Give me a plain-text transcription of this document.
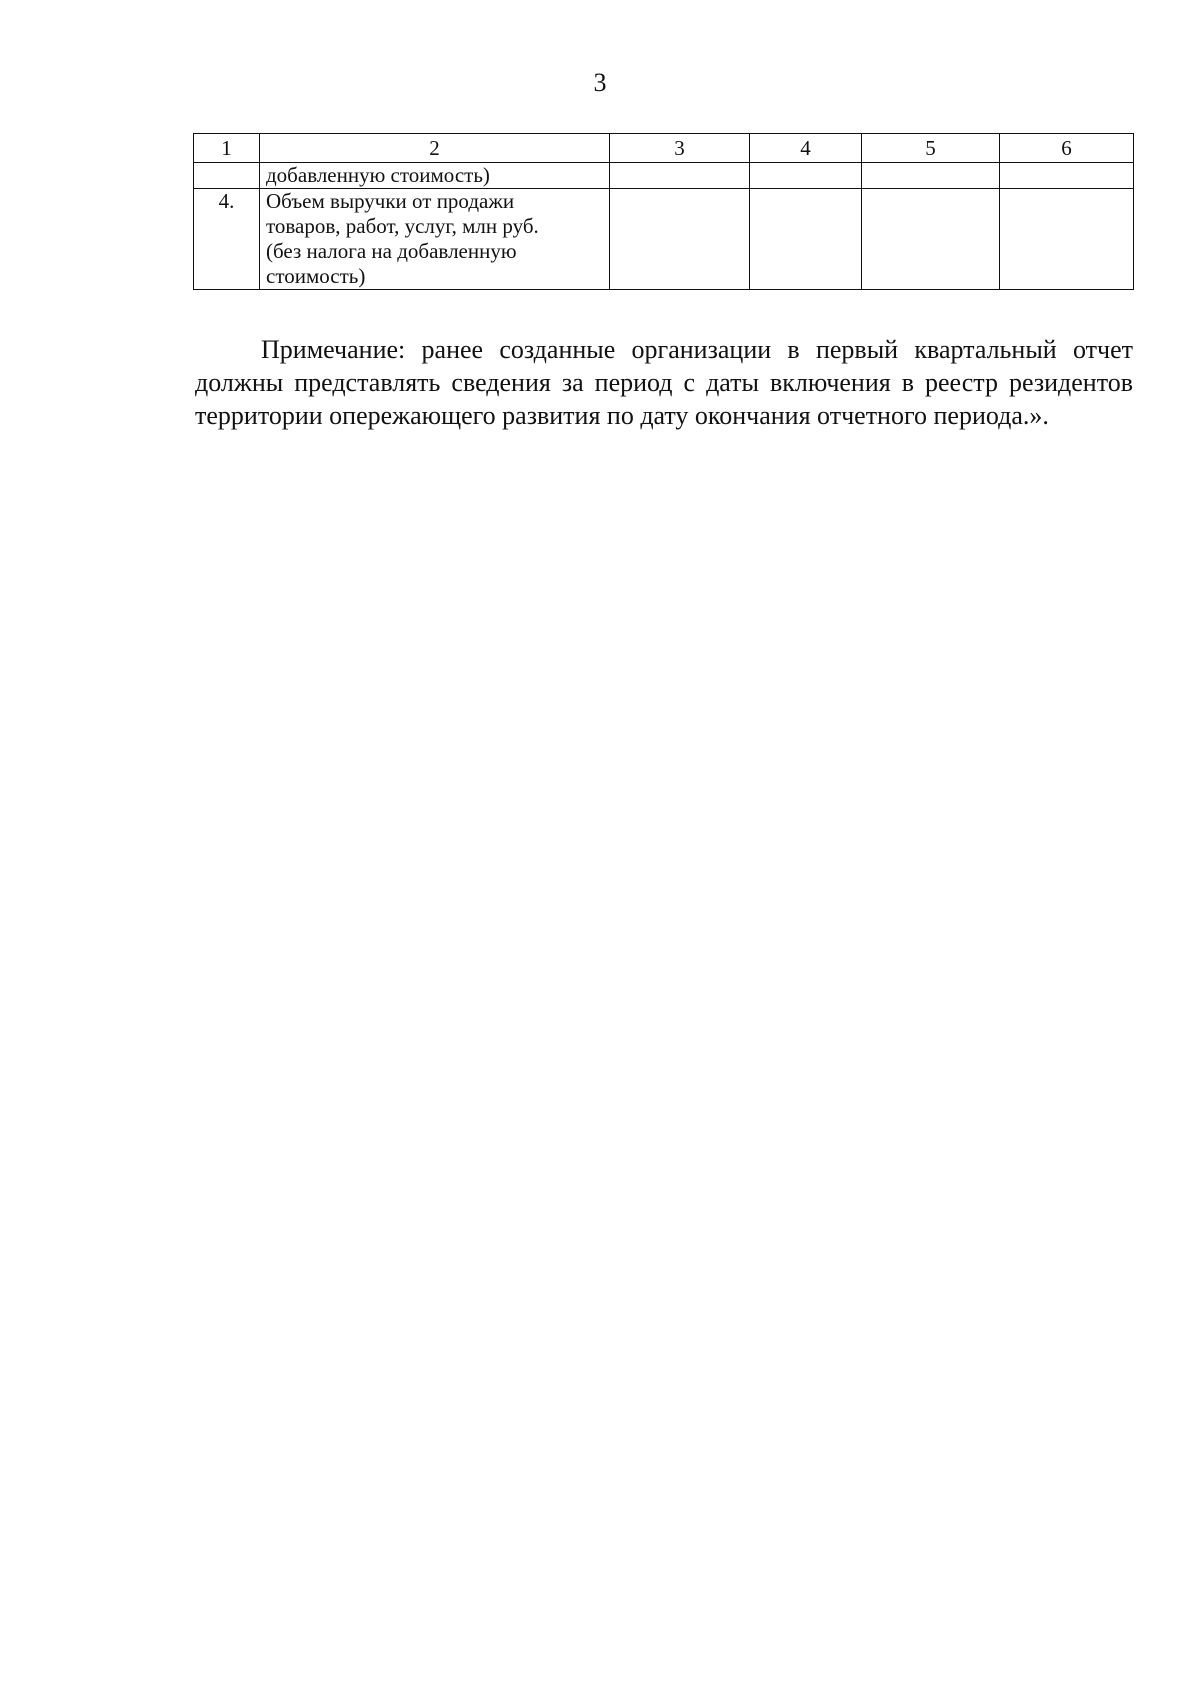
3
1	2	3	4	5	6
	добавленную стоимость)				
4.	Объем выручки от продажи
товаров, работ, услуг, млн руб.
(без налога на добавленную
стоимость)				

Примечание: ранее созданные организации в первый квартальный отчет должны представлять сведения за период с даты включения в реестр резидентов территории опережающего развития по дату окончания отчетного периода.».
